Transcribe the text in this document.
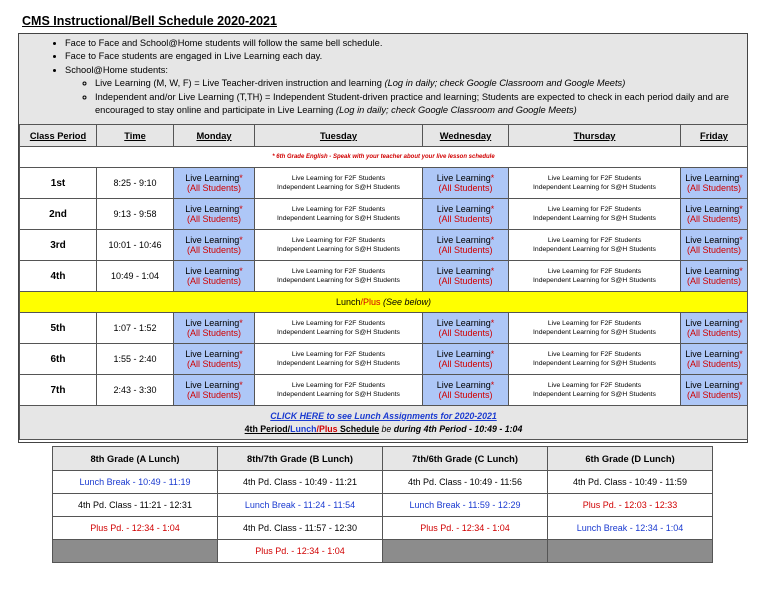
CMS Instructional/Bell Schedule 2020-2021
• Face to Face and School@Home students will follow the same bell schedule.
• Face to Face students are engaged in Live Learning each day.
• School@Home students:
◦ Live Learning (M, W, F) = Live Teacher-driven instruction and learning (Log in daily; check Google Classroom and Google Meets)
◦ Independent and/or Live Learning (T,TH) = Independent Student-driven practice and learning; Students are expected to check in each period daily and are encouraged to stay online and participate in Live Learning (Log in daily; check Google Classroom and Google Meets)
Class Period	Time	Monday	Tuesday	Wednesday	Thursday	Friday
* 6th Grade English - Speak with your teacher about your live lesson schedule						
1st	8:25 - 9:10	Live Learning*
(All Students)	Live Learning for F2F Students
Independent Learning for S@H Students	Live Learning*
(All Students)	Live Learning for F2F Students
Independent Learning for S@H Students	Live Learning*
(All Students)
2nd	9:13 - 9:58	Live Learning*
(All Students)	Live Learning for F2F Students
Independent Learning for S@H Students	Live Learning*
(All Students)	Live Learning for F2F Students
Independent Learning for S@H Students	Live Learning*
(All Students)
3rd	10:01 - 10:46	Live Learning*
(All Students)	Live Learning for F2F Students
Independent Learning for S@H Students	Live Learning*
(All Students)	Live Learning for F2F Students
Independent Learning for S@H Students	Live Learning*
(All Students)
4th	10:49 - 1:04	Live Learning*
(All Students)	Live Learning for F2F Students
Independent Learning for S@H Students	Live Learning*
(All Students)	Live Learning for F2F Students
Independent Learning for S@H Students	Live Learning*
(All Students)
Lunch/Plus (See below)						
5th	1:07 - 1:52	Live Learning*
(All Students)	Live Learning for F2F Students
Independent Learning for S@H Students	Live Learning*
(All Students)	Live Learning for F2F Students
Independent Learning for S@H Students	Live Learning*
(All Students)
6th	1:55 - 2:40	Live Learning*
(All Students)	Live Learning for F2F Students
Independent Learning for S@H Students	Live Learning*
(All Students)	Live Learning for F2F Students
Independent Learning for S@H Students	Live Learning*
(All Students)
7th	2:43 - 3:30	Live Learning*
(All Students)	Live Learning for F2F Students
Independent Learning for S@H Students	Live Learning*
(All Students)	Live Learning for F2F Students
Independent Learning for S@H Students	Live Learning*
(All Students)
CLICK HERE to see Lunch Assignments for 2020-2021
4th Period/Lunch/Plus Schedule be during 4th Period - 10:49 - 1:04						
8th Grade (A Lunch)	8th/7th Grade (B Lunch)	7th/6th Grade (C Lunch)	6th Grade (D Lunch)
Lunch Break - 10:49 - 11:19	4th Pd. Class - 10:49 - 11:21	4th Pd. Class - 10:49 - 11:56	4th Pd. Class - 10:49 - 11:59
4th Pd. Class - 11:21 - 12:31	Lunch Break - 11:24 - 11:54	Lunch Break - 11:59 - 12:29	Plus Pd. - 12:03 - 12:33
Plus Pd. - 12:34 - 1:04	4th Pd. Class - 11:57 - 12:30	Plus Pd. - 12:34 - 1:04	Lunch Break - 12:34 - 1:04
	Plus Pd. - 12:34 - 1:04		
